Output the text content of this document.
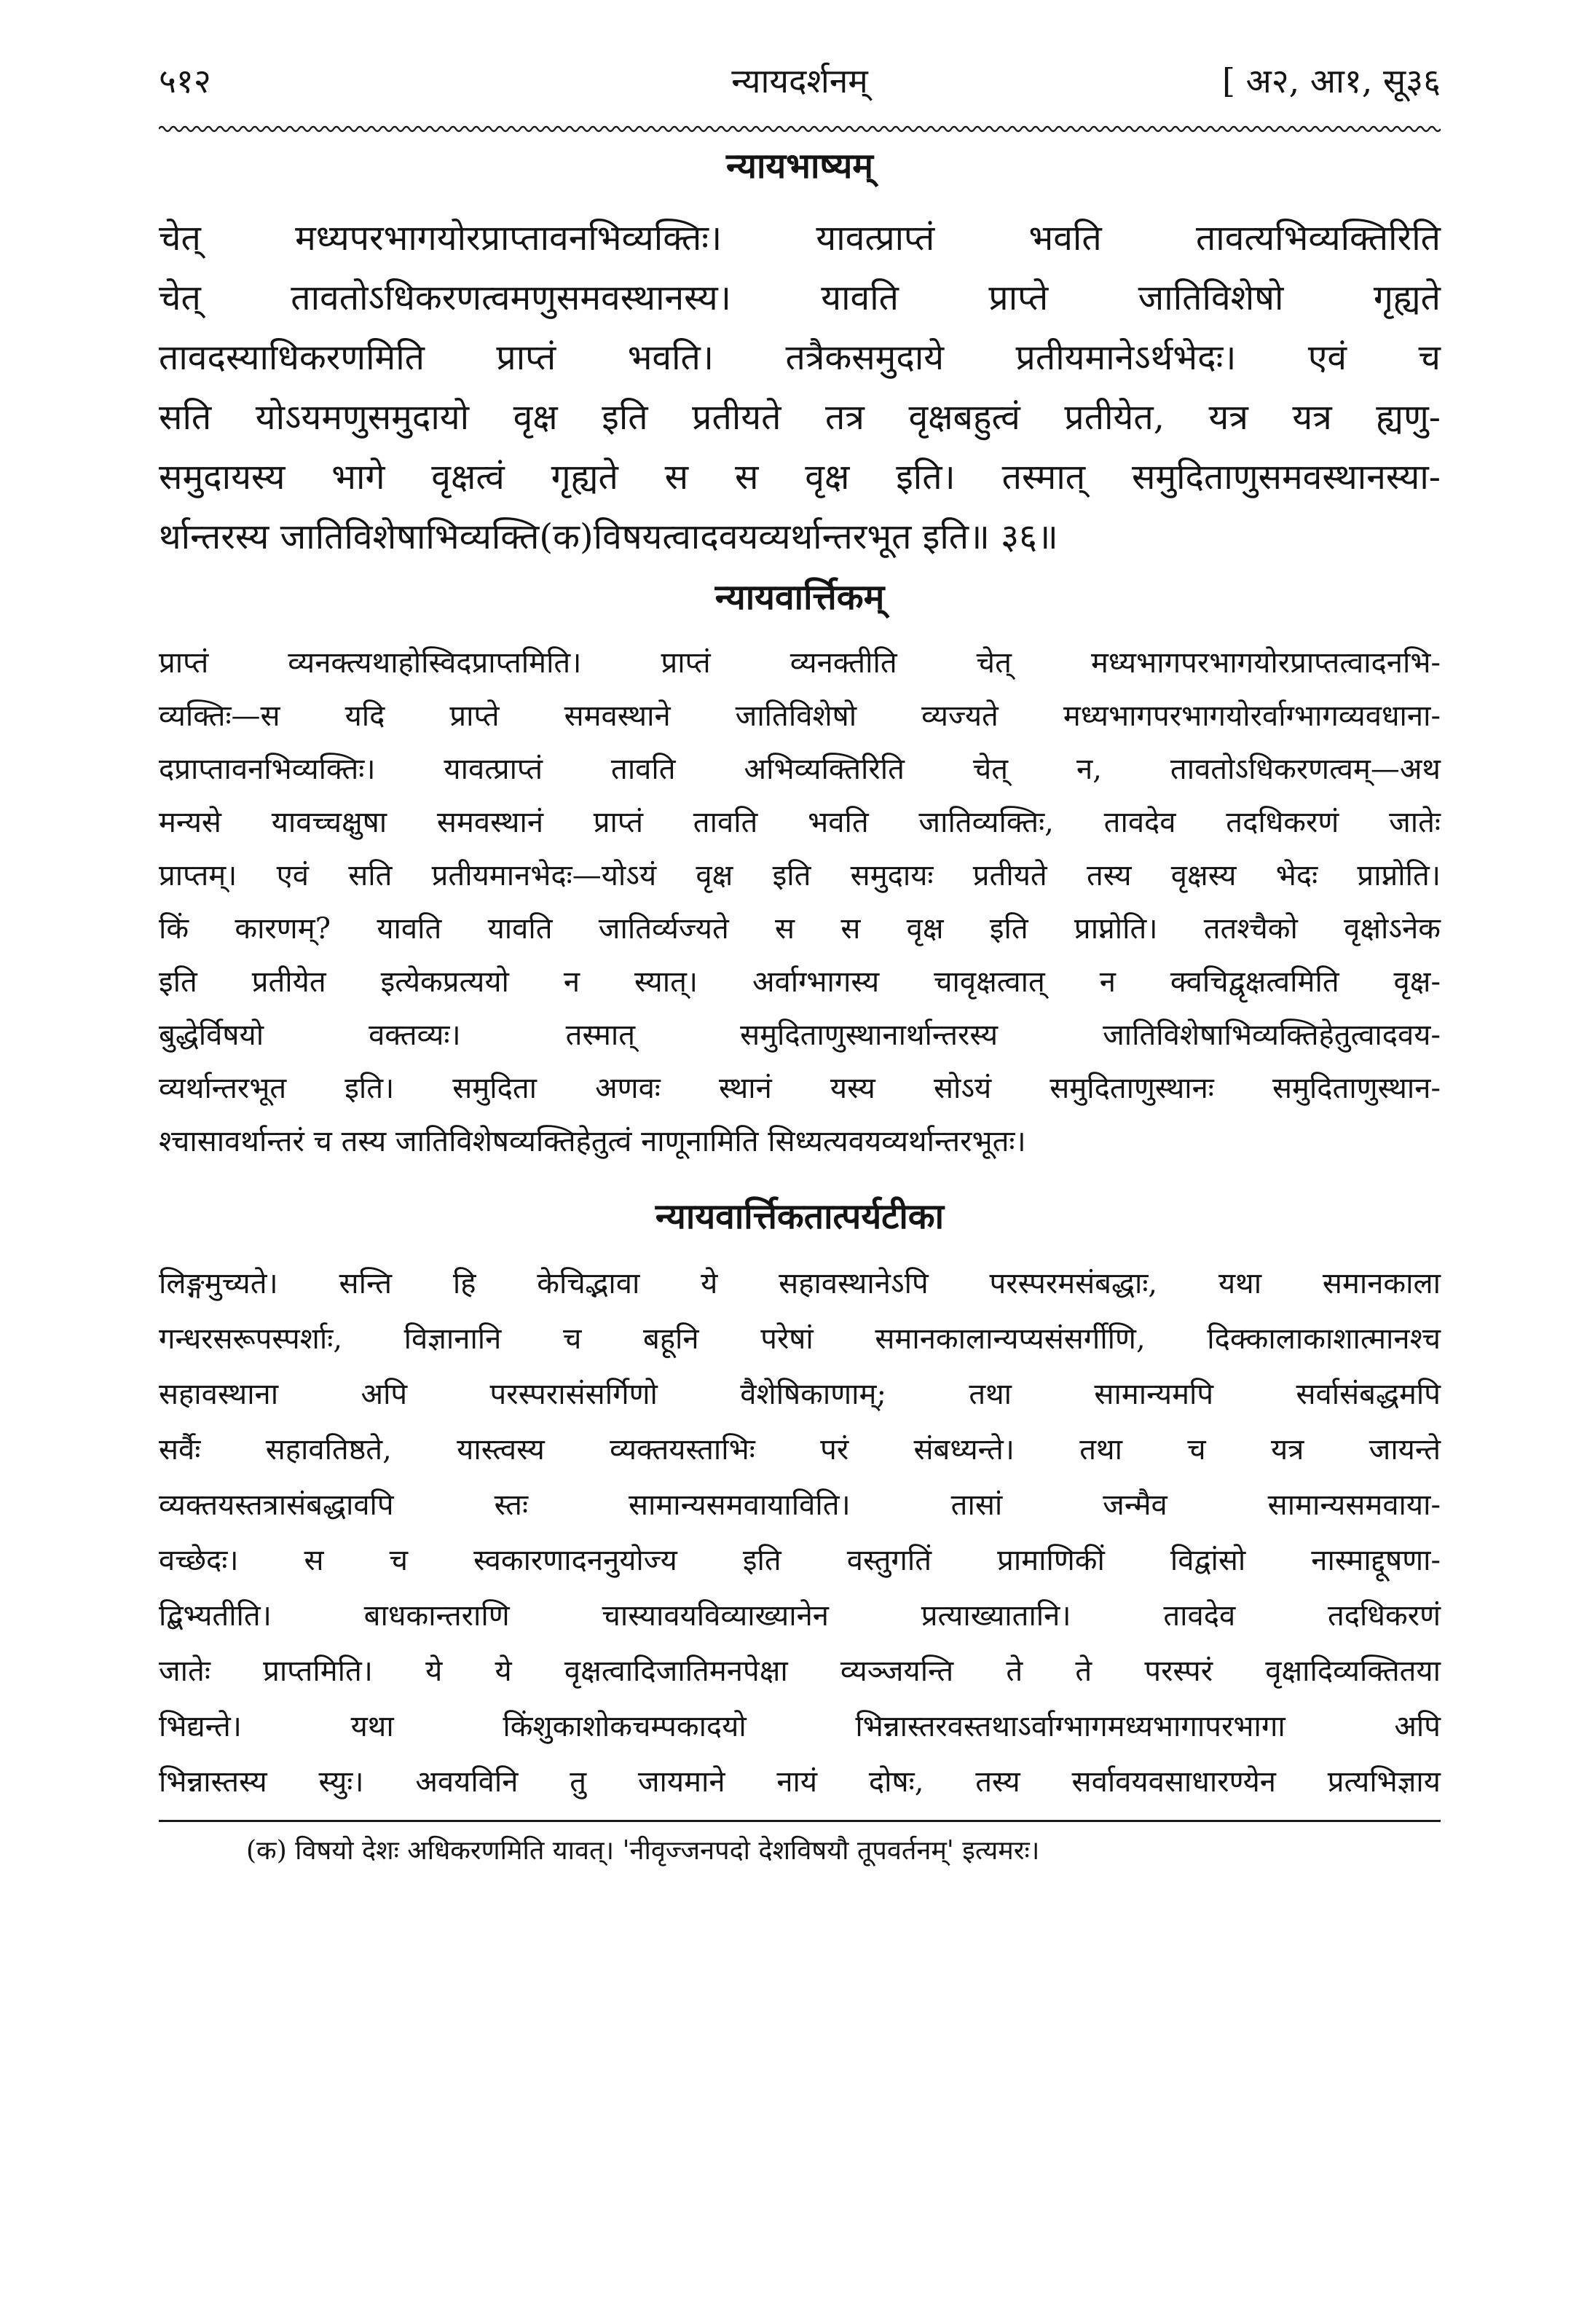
५१२	न्यायदर्शनम्	[ अ२, आ१, सू३६
न्यायभाष्यम्

चेत् मध्यपरभागयोरप्राप्तावनभिव्यक्तिः। यावत्प्राप्तं भवति तावत्यभिव्यक्तिरिति

चेत् तावतोऽधिकरणत्वमणुसमवस्थानस्य। यावति प्राप्ते जातिविशेषो गृह्यते

तावदस्याधिकरणमिति प्राप्तं भवति। तत्रैकसमुदाये प्रतीयमानेऽर्थभेदः। एवं च

सति योऽयमणुसमुदायो वृक्ष इति प्रतीयते तत्र वृक्षबहुत्वं प्रतीयेत, यत्र यत्र ह्यणु-

समुदायस्य भागे वृक्षत्वं गृह्यते स स वृक्ष इति। तस्मात् समुदिताणुसमवस्थानस्या-

र्थान्तरस्य जातिविशेषाभिव्यक्ति(क)विषयत्वादवयव्यर्थान्तरभूत इति॥ ३६॥

न्यायवार्त्तिकम्

प्राप्तं व्यनक्त्यथाहोस्विदप्राप्तमिति। प्राप्तं व्यनक्तीति चेत् मध्यभागपरभागयोरप्राप्तत्वादनभि-

व्यक्तिः—स यदि प्राप्ते समवस्थाने जातिविशेषो व्यज्यते मध्यभागपरभागयोरर्वाग्भागव्यवधाना-

दप्राप्तावनभिव्यक्तिः। यावत्प्राप्तं तावति अभिव्यक्तिरिति चेत् न, तावतोऽधिकरणत्वम्—अथ

मन्यसे यावच्चक्षुषा समवस्थानं प्राप्तं तावति भवति जातिव्यक्तिः, तावदेव तदधिकरणं जातेः

प्राप्तम्। एवं सति प्रतीयमानभेदः—योऽयं वृक्ष इति समुदायः प्रतीयते तस्य वृक्षस्य भेदः प्राप्नोति।

किं कारणम्? यावति यावति जातिर्व्यज्यते स स वृक्ष इति प्राप्नोति। ततश्चैको वृक्षोऽनेक

इति प्रतीयेत इत्येकप्रत्ययो न स्यात्। अर्वाग्भागस्य चावृक्षत्वात् न क्वचिद्वृक्षत्वमिति वृक्ष-

बुद्धेर्विषयो वक्तव्यः। तस्मात् समुदिताणुस्थानार्थान्तरस्य जातिविशेषाभिव्यक्तिहेतुत्वादवय-

व्यर्थान्तरभूत इति। समुदिता अणवः स्थानं यस्य सोऽयं समुदिताणुस्थानः समुदिताणुस्थान-

श्चासावर्थान्तरं च तस्य जातिविशेषव्यक्तिहेतुत्वं नाणूनामिति सिध्यत्यवयव्यर्थान्तरभूतः।

न्यायवार्त्तिकतात्पर्यटीका

लिङ्गमुच्यते। सन्ति हि केचिद्भावा ये सहावस्थानेऽपि परस्परमसंबद्धाः, यथा समानकाला

गन्धरसरूपस्पर्शाः, विज्ञानानि च बहूनि परेषां समानकालान्यप्यसंसर्गीणि, दिक्कालाकाशात्मानश्च

सहावस्थाना अपि परस्परासंसर्गिणो वैशेषिकाणाम्; तथा सामान्यमपि सर्वासंबद्धमपि

सर्वैः सहावतिष्ठते, यास्त्वस्य व्यक्तयस्ताभिः परं संबध्यन्ते। तथा च यत्र जायन्ते

व्यक्तयस्तत्रासंबद्धावपि स्तः सामान्यसमवायाविति। तासां जन्मैव सामान्यसमवाया-

वच्छेदः। स च स्वकारणादननुयोज्य इति वस्तुगतिं प्रामाणिकीं विद्वांसो नास्माद्दूषणा-

द्बिभ्यतीति। बाधकान्तराणि चास्यावयविव्याख्यानेन प्रत्याख्यातानि। तावदेव तदधिकरणं

जातेः प्राप्तमिति। ये ये वृक्षत्वादिजातिमनपेक्षा व्यञ्जयन्ति ते ते परस्परं वृक्षादिव्यक्तितया

भिद्यन्ते। यथा किंशुकाशोकचम्पकादयो भिन्नास्तरवस्तथाऽर्वाग्भागमध्यभागापरभागा अपि

भिन्नास्तस्य स्युः। अवयविनि तु जायमाने नायं दोषः, तस्य सर्वावयवसाधारण्येन प्रत्यभिज्ञाय

(क) विषयो देशः अधिकरणमिति यावत्। 'नीवृज्जनपदो देशविषयौ तूपवर्तनम्' इत्यमरः।
